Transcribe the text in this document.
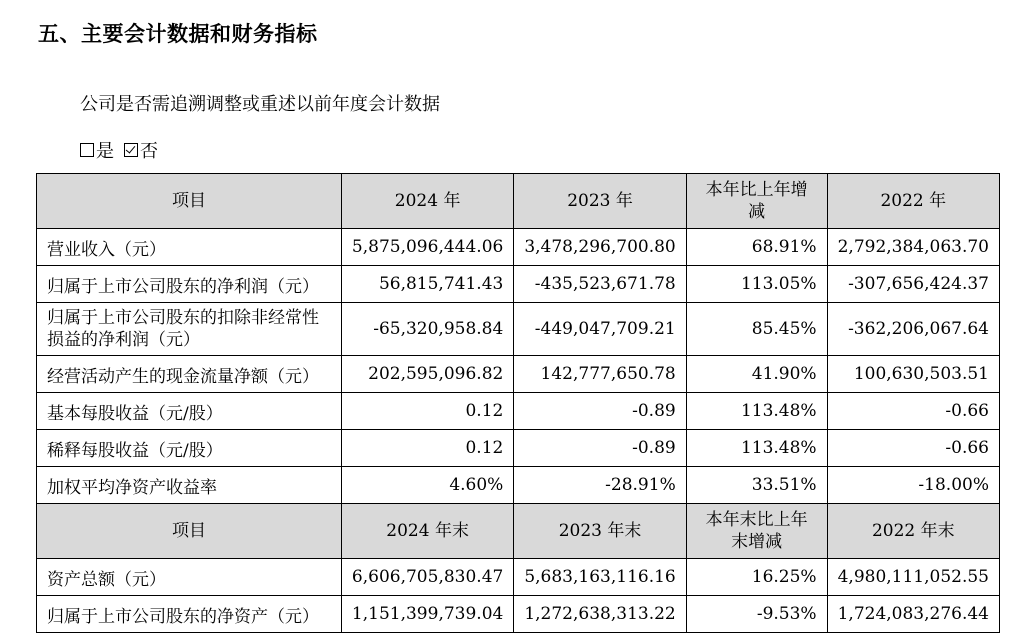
五、主要会计数据和财务指标
公司是否需追溯调整或重述以前年度会计数据
是 否
项目	2024 年	2023 年	本年比上年增减	2022 年
营业收入（元）	5,875,096,444.06	3,478,296,700.80	68.91%	2,792,384,063.70
归属于上市公司股东的净利润（元）	56,815,741.43	-435,523,671.78	113.05%	-307,656,424.37
归属于上市公司股东的扣除非经常性损益的净利润（元）	-65,320,958.84	-449,047,709.21	85.45%	-362,206,067.64
经营活动产生的现金流量净额（元）	202,595,096.82	142,777,650.78	41.90%	100,630,503.51
基本每股收益（元/股）	0.12	-0.89	113.48%	-0.66
稀释每股收益（元/股）	0.12	-0.89	113.48%	-0.66
加权平均净资产收益率	4.60%	-28.91%	33.51%	-18.00%
项目	2024 年末	2023 年末	本年末比上年末增减	2022 年末
资产总额（元）	6,606,705,830.47	5,683,163,116.16	16.25%	4,980,111,052.55
归属于上市公司股东的净资产（元）	1,151,399,739.04	1,272,638,313.22	-9.53%	1,724,083,276.44
